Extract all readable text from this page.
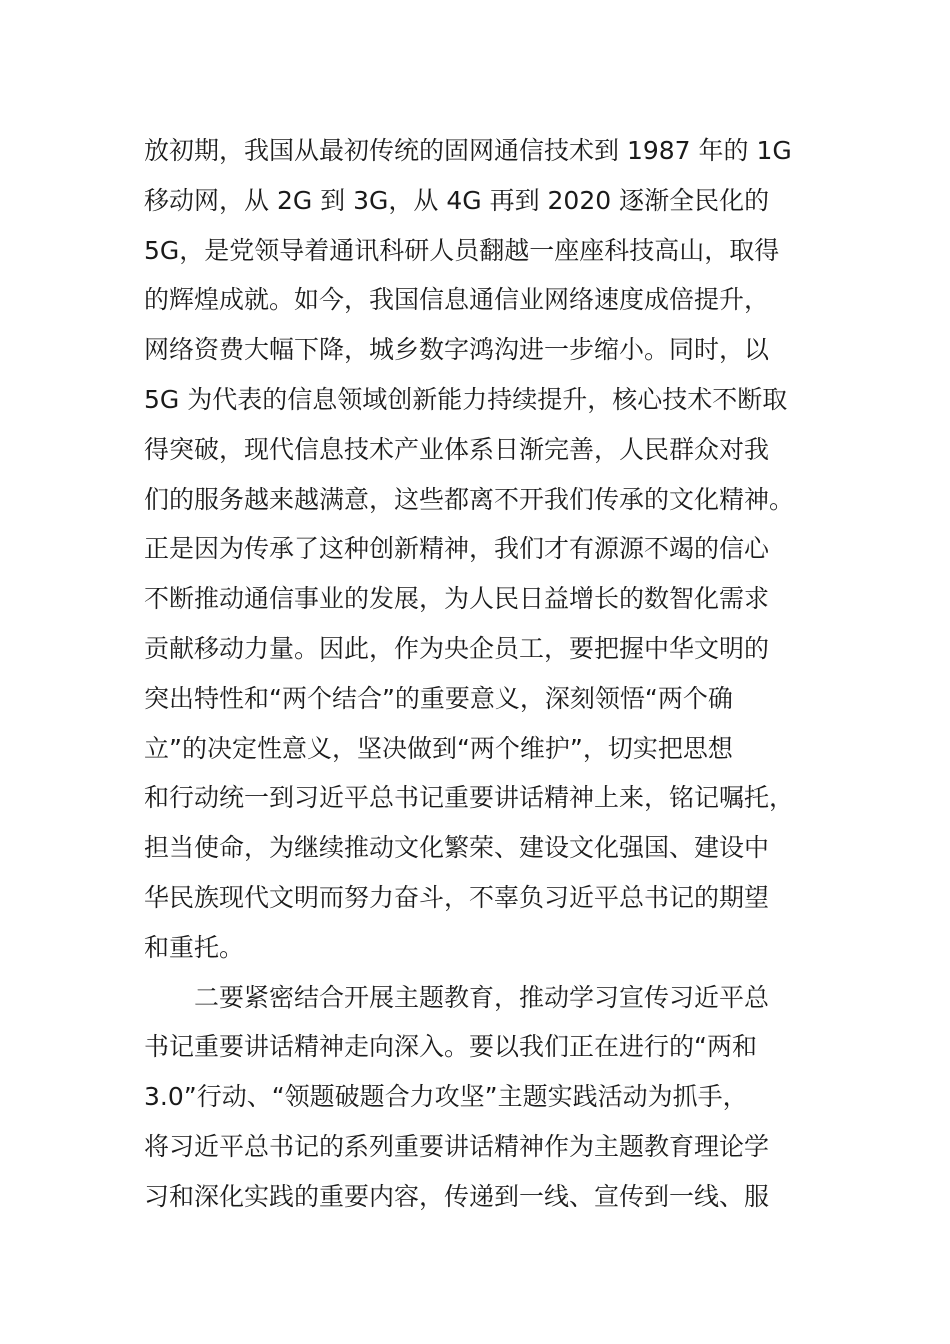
放初期，我国从最初传统的固网通信技术到 1987 年的 1G
移动网，从 2G 到 3G，从 4G 再到 2020 逐渐全民化的
5G，是党领导着通讯科研人员翻越一座座科技高山，取得
的辉煌成就。如今，我国信息通信业网络速度成倍提升，
网络资费大幅下降，城乡数字鸿沟进一步缩小。同时，以
5G 为代表的信息领域创新能力持续提升，核心技术不断取
得突破，现代信息技术产业体系日渐完善，人民群众对我
们的服务越来越满意，这些都离不开我们传承的文化精神。
正是因为传承了这种创新精神，我们才有源源不竭的信心
不断推动通信事业的发展，为人民日益增长的数智化需求
贡献移动力量。因此，作为央企员工，要把握中华文明的
突出特性和“两个结合”的重要意义，深刻领悟“两个确
立”的决定性意义，坚决做到“两个维护”，切实把思想
和行动统一到习近平总书记重要讲话精神上来，铭记嘱托，
担当使命，为继续推动文化繁荣、建设文化强国、建设中
华民族现代文明而努力奋斗，不辜负习近平总书记的期望
和重托。
　　二要紧密结合开展主题教育，推动学习宣传习近平总
书记重要讲话精神走向深入。要以我们正在进行的“两和
3.0”行动、“领题破题合力攻坚”主题实践活动为抓手，
将习近平总书记的系列重要讲话精神作为主题教育理论学
习和深化实践的重要内容，传递到一线、宣传到一线、服
